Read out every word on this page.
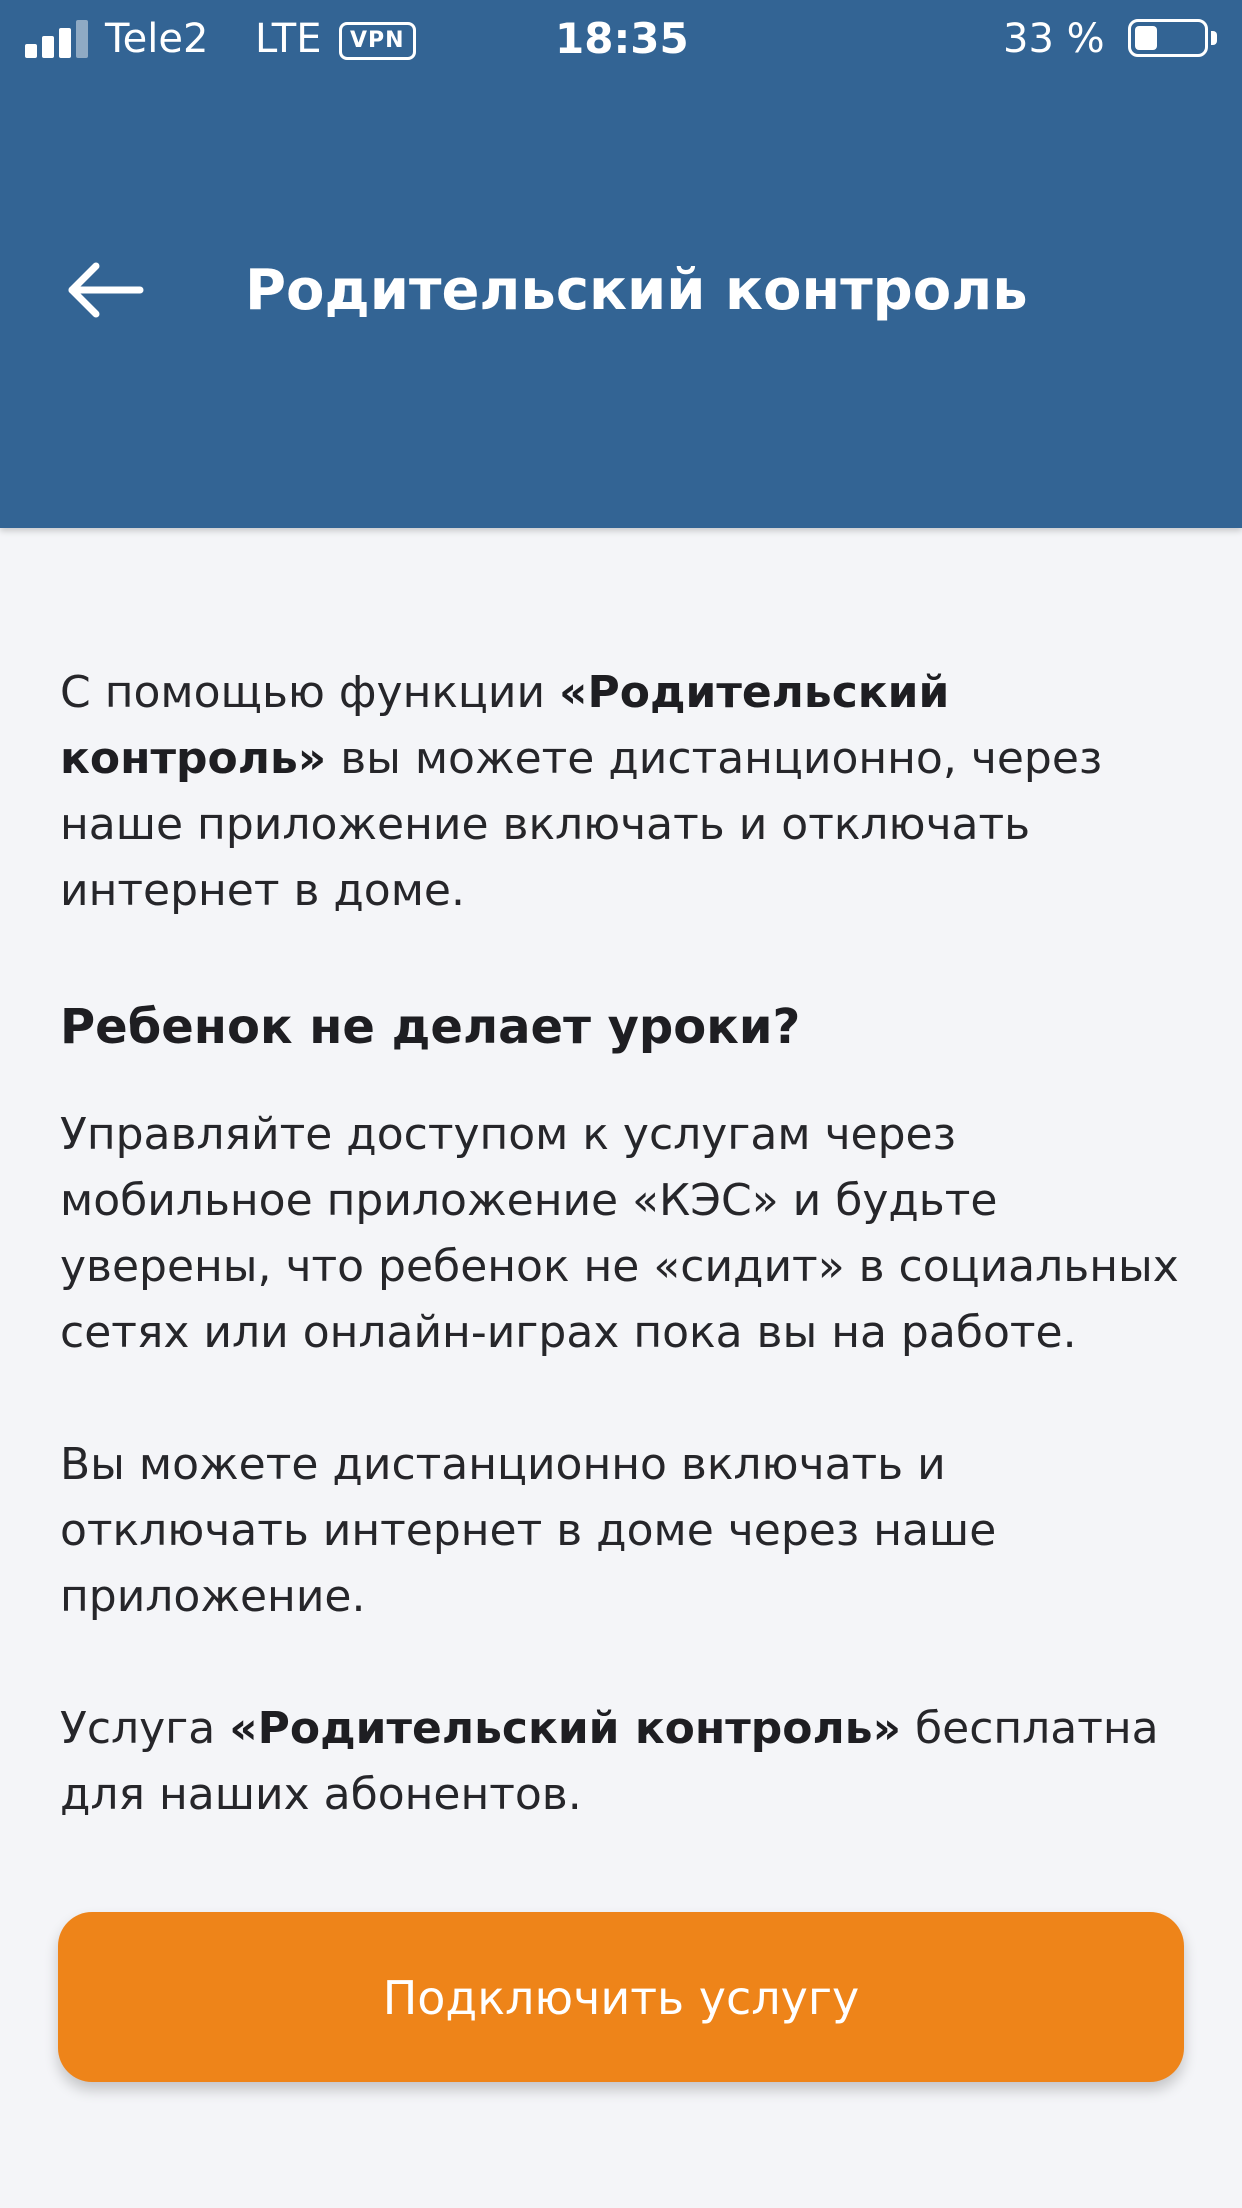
Tele2 LTE	VPN	18:35	33 %
Родительский контроль

С помощью функции «Родительский контроль» вы можете дистанционно, через наше приложение включать и отключать интернет в доме.

Ребенок не делает уроки?

Управляйте доступом к услугам через мобильное приложение «КЭС» и будьте уверены, что ребенок не «сидит» в социальных сетях или онлайн-играх пока вы на работе.

Вы можете дистанционно включать и отключать интернет в доме через наше приложение.

Услуга «Родительский контроль» бесплатна для наших абонентов.

Подключить услугу
